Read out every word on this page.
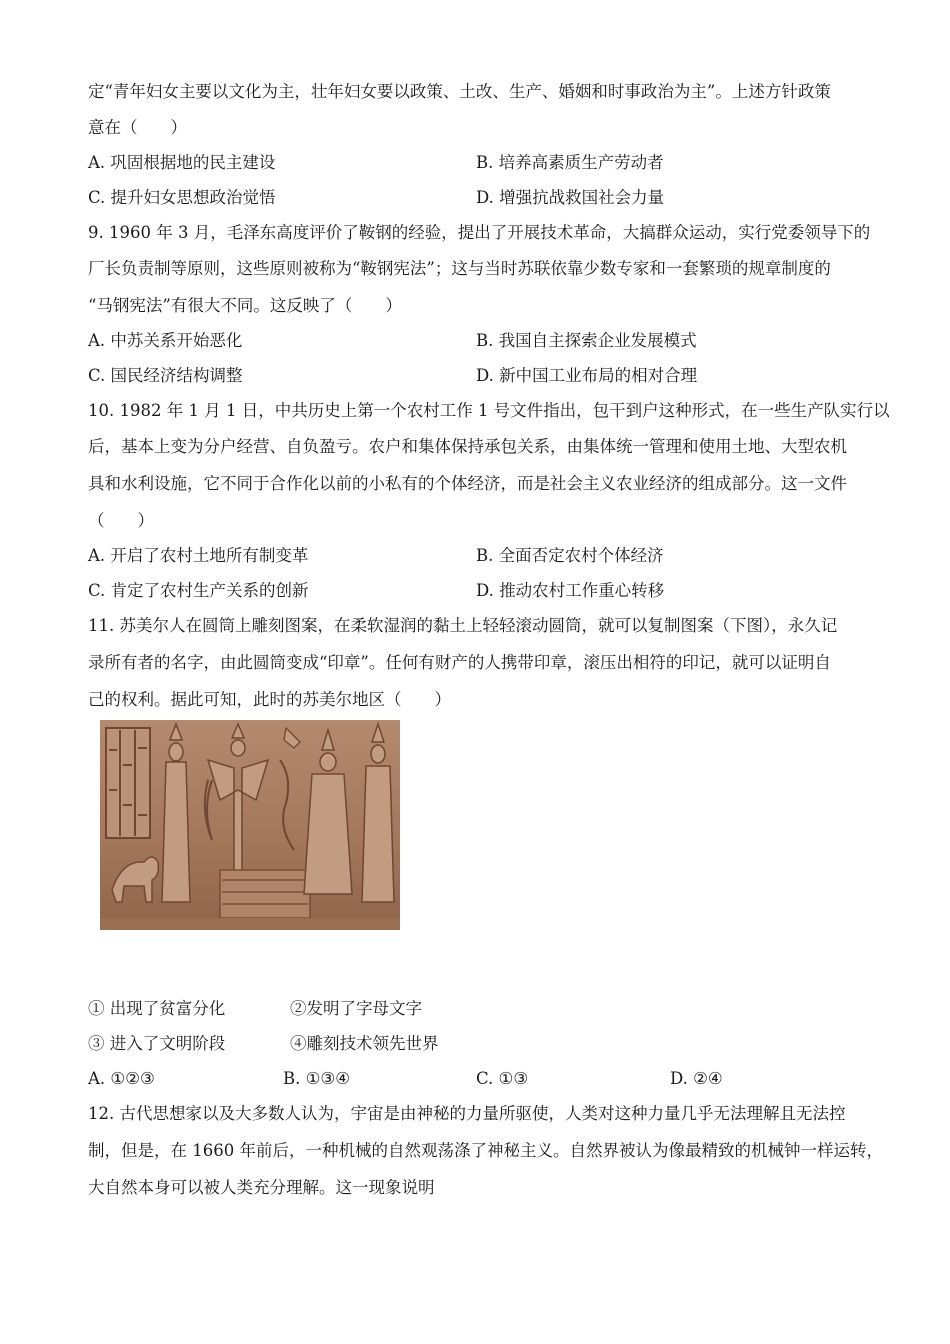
定“青年妇女主要以文化为主，壮年妇女要以政策、土改、生产、婚姻和时事政治为主”。上述方针政策
意在（　　）
A. 巩固根据地的民主建设	B. 培养高素质生产劳动者
C. 提升妇女思想政治觉悟	D. 增强抗战救国社会力量
9. 1960 年 3 月，毛泽东高度评价了鞍钢的经验，提出了开展技术革命，大搞群众运动，实行党委领导下的
厂长负责制等原则，这些原则被称为“鞍钢宪法”；这与当时苏联依靠少数专家和一套繁琐的规章制度的
“马钢宪法”有很大不同。这反映了（　　）
A. 中苏关系开始恶化	B. 我国自主探索企业发展模式
C. 国民经济结构调整	D. 新中国工业布局的相对合理
10. 1982 年 1 月 1 日，中共历史上第一个农村工作 1 号文件指出，包干到户这种形式，在一些生产队实行以
后，基本上变为分户经营、自负盈亏。农户和集体保持承包关系，由集体统一管理和使用土地、大型农机
具和水利设施，它不同于合作化以前的小私有的个体经济，而是社会主义农业经济的组成部分。这一文件
（　　）
A. 开启了农村土地所有制变革	B. 全面否定农村个体经济
C. 肯定了农村生产关系的创新	D. 推动农村工作重心转移
11. 苏美尔人在圆筒上雕刻图案，在柔软湿润的黏土上轻轻滚动圆筒，就可以复制图案（下图），永久记
录所有者的名字，由此圆筒变成“印章”。任何有财产的人携带印章，滚压出相符的印记，就可以证明自
己的权利。据此可知，此时的苏美尔地区（　　）
① 出现了贫富分化	②发明了字母文字
③ 进入了文明阶段	④雕刻技术领先世界
A. ①②③	B. ①③④	C. ①③	D. ②④
12. 古代思想家以及大多数人认为，宇宙是由神秘的力量所驱使，人类对这种力量几乎无法理解且无法控
制，但是，在 1660 年前后，一种机械的自然观荡涤了神秘主义。自然界被认为像最精致的机械钟一样运转，
大自然本身可以被人类充分理解。这一现象说明
